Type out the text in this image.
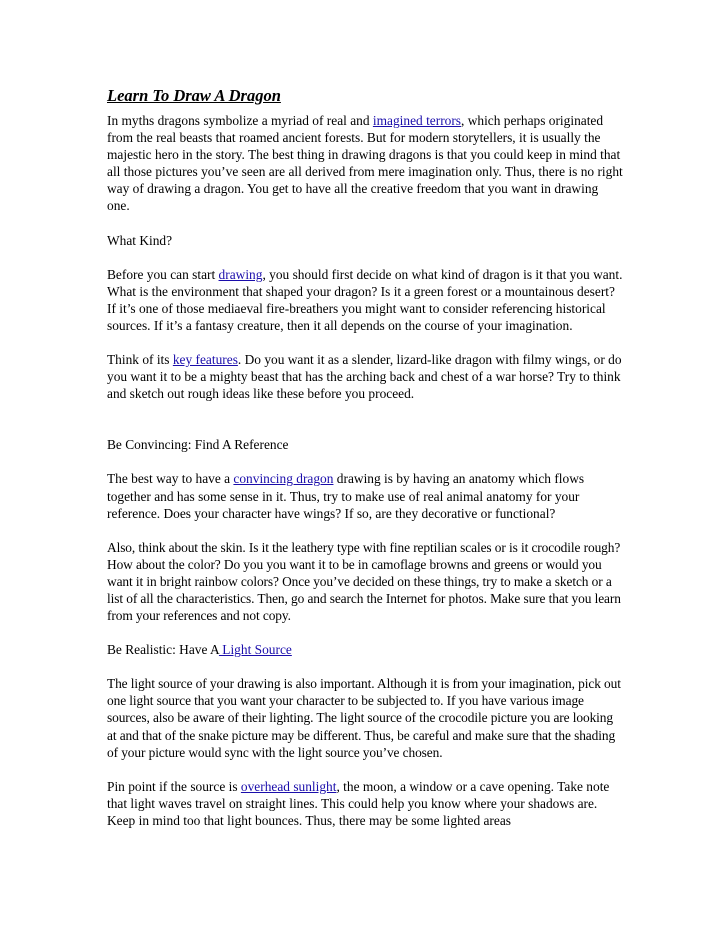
Learn To Draw A Dragon

In myths dragons symbolize a myriad of real and imagined terrors, which perhaps originated from the real beasts that roamed ancient forests. But for modern storytellers, it is usually the majestic hero in the story. The best thing in drawing dragons is that you could keep in mind that all those pictures you’ve seen are all derived from mere imagination only. Thus, there is no right way of drawing a dragon. You get to have all the creative freedom that you want in drawing one.

What Kind?

Before you can start drawing, you should first decide on what kind of dragon is it that you want. What is the environment that shaped your dragon? Is it a green forest or a mountainous desert? If it’s one of those mediaeval fire-breathers you might want to consider referencing historical sources. If it’s a fantasy creature, then it all depends on the course of your imagination.

Think of its key features. Do you want it as a slender, lizard-like dragon with filmy wings, or do you want it to be a mighty beast that has the arching back and chest of a war horse? Try to think and sketch out rough ideas like these before you proceed.

Be Convincing: Find A Reference

The best way to have a convincing dragon drawing is by having an anatomy which flows together and has some sense in it. Thus, try to make use of real animal anatomy for your reference. Does your character have wings? If so, are they decorative or functional?

Also, think about the skin. Is it the leathery type with fine reptilian scales or is it crocodile rough? How about the color? Do you you want it to be in camoflage browns and greens or would you want it in bright rainbow colors? Once you’ve decided on these things, try to make a sketch or a list of all the characteristics. Then, go and search the Internet for photos. Make sure that you learn from your references and not copy.

Be Realistic: Have A Light Source

The light source of your drawing is also important. Although it is from your imagination, pick out one light source that you want your character to be subjected to. If you have various image sources, also be aware of their lighting. The light source of the crocodile picture you are looking at and that of the snake picture may be different. Thus, be careful and make sure that the shading of your picture would sync with the light source you’ve chosen.

Pin point if the source is overhead sunlight, the moon, a window or a cave opening. Take note that light waves travel on straight lines. This could help you know where your shadows are. Keep in mind too that light bounces. Thus, there may be some lighted areas
